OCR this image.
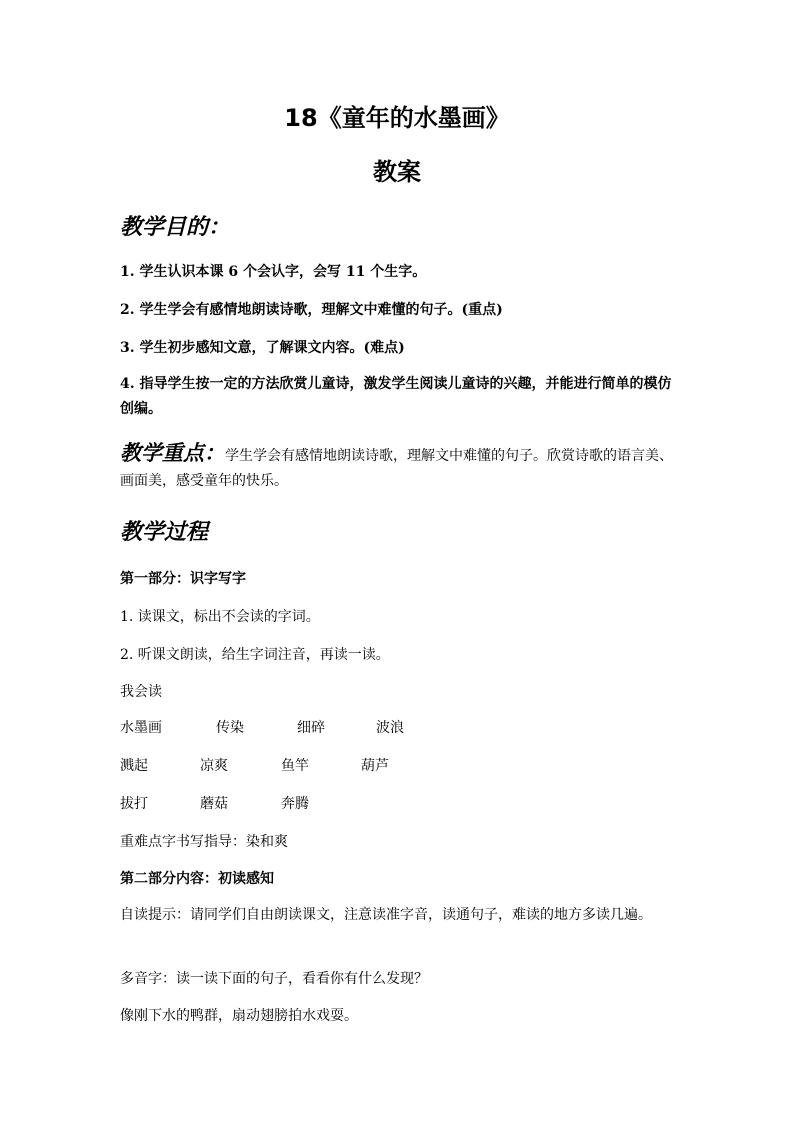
18《童年的水墨画》
教案
教学目的：
1. 学生认识本课 6 个会认字，会写 11 个生字。
2. 学生学会有感情地朗读诗歌，理解文中难懂的句子。(重点)
3. 学生初步感知文意，了解课文内容。(难点)
4. 指导学生按一定的方法欣赏儿童诗，激发学生阅读儿童诗的兴趣，并能进行简单的模仿创编。
教学重点：学生学会有感情地朗读诗歌，理解文中难懂的句子。欣赏诗歌的语言美、画面美，感受童年的快乐。
教学过程
第一部分：识字写字
1. 读课文，标出不会读的字词。
2. 听课文朗读，给生字词注音，再读一读。
我会读
水墨画	传染	细碎	波浪
溅起	凉爽	鱼竿	葫芦
拔打	蘑菇	奔腾
重难点字书写指导：染和爽
第二部分内容：初读感知
自读提示：请同学们自由朗读课文，注意读准字音，读通句子，难读的地方多读几遍。
多音字：读一读下面的句子，看看你有什么发现？
像刚下水的鸭群，扇动翅膀拍水戏耍。
